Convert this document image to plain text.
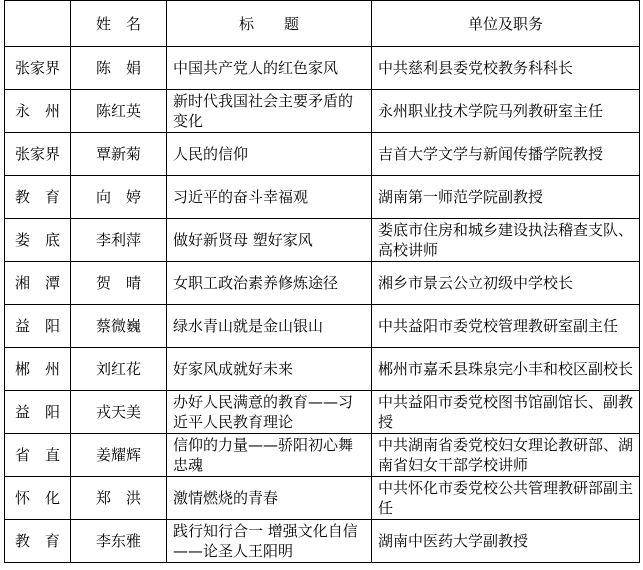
	姓　名	标　　题	单位及职务
张家界	陈　娟	中国共产党人的红色家风	中共慈利县委党校教务科科长
永　州	陈红英	新时代我国社会主要矛盾的变化	永州职业技术学院马列教研室主任
张家界	覃新菊	人民的信仰	吉首大学文学与新闻传播学院教授
教　育	向　婷	习近平的奋斗幸福观	湖南第一师范学院副教授
娄　底	李利萍	做好新贤母 塑好家风	娄底市住房和城乡建设执法稽查支队、高校讲师
湘　潭	贺　晴	女职工政治素养修炼途径	湘乡市景云公立初级中学校长
益　阳	蔡微巍	绿水青山就是金山银山	中共益阳市委党校管理教研室副主任
郴　州	刘红花	好家风成就好未来	郴州市嘉禾县珠泉完小丰和校区副校长
益　阳	戎天美	办好人民满意的教育——习近平人民教育理论	中共益阳市委党校图书馆副馆长、副教授
省　直	姜耀辉	信仰的力量——骄阳初心舞忠魂	中共湖南省委党校妇女理论教研部、湖南省妇女干部学校讲师
怀　化	郑　洪	激情燃烧的青春	中共怀化市委党校公共管理教研部副主任
教　育	李东雅	践行知行合一 增强文化自信——论圣人王阳明	湖南中医药大学副教授
